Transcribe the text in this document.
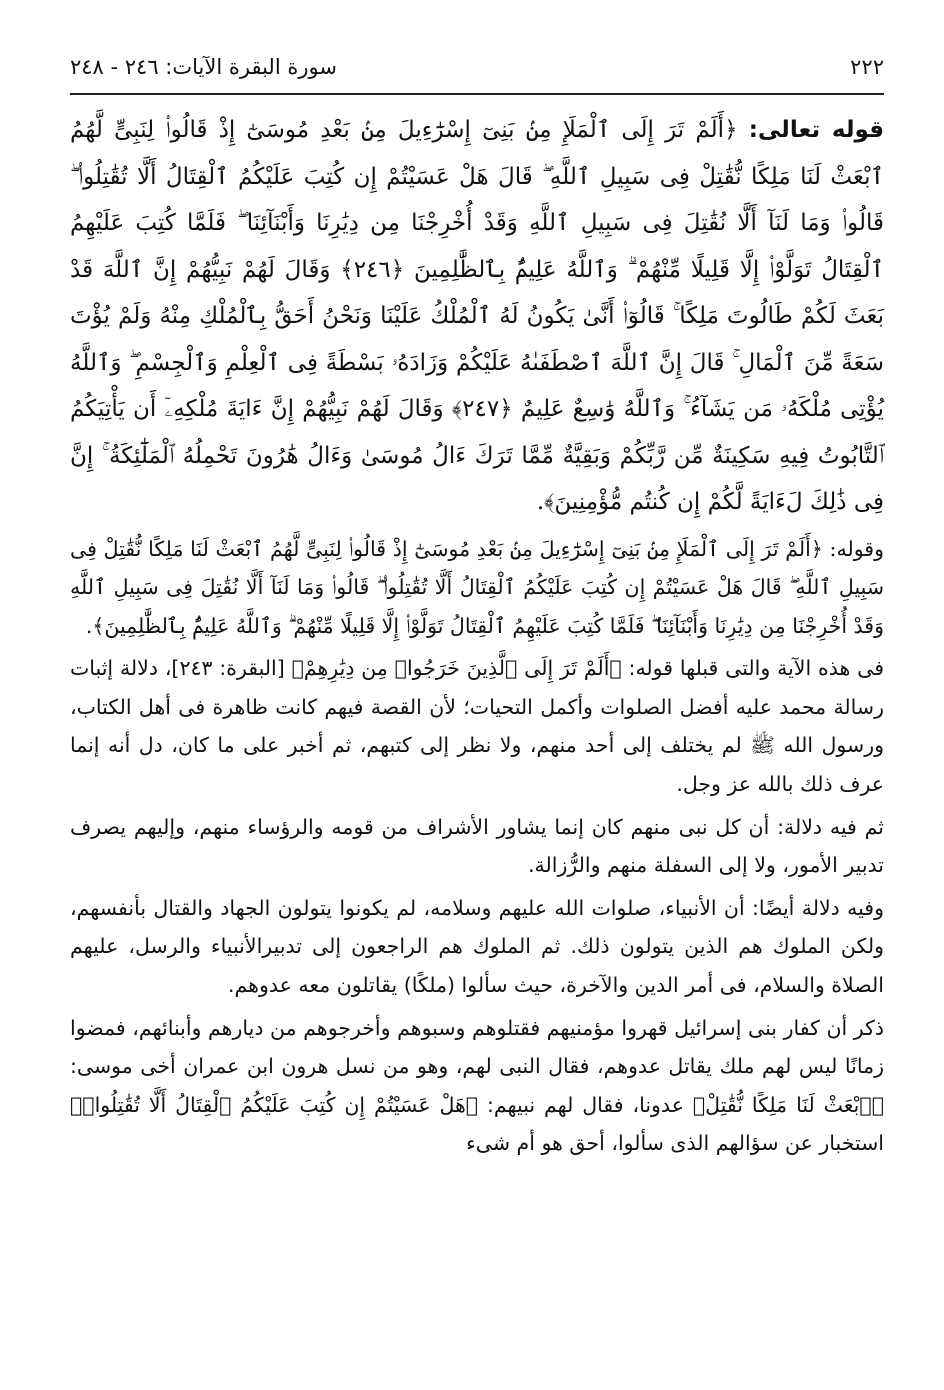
٢٢٢
سورة البقرة الآيات: ٢٤٦ - ٢٤٨
قوله تعالى: ﴿أَلَمْ تَرَ إِلَى ٱلْمَلَإِ مِنۢ بَنِىٓ إِسْرَٰٓءِيلَ مِنۢ بَعْدِ مُوسَىٰٓ إِذْ قَالُوا۟ لِنَبِىٍّ لَّهُمُ ٱبْعَثْ لَنَا مَلِكًا نُّقَٰتِلْ فِى سَبِيلِ ٱللَّهِ ۖ قَالَ هَلْ عَسَيْتُمْ إِن كُتِبَ عَلَيْكُمُ ٱلْقِتَالُ أَلَّا تُقَٰتِلُوا۟ ۖ قَالُوا۟ وَمَا لَنَآ أَلَّا نُقَٰتِلَ فِى سَبِيلِ ٱللَّهِ وَقَدْ أُخْرِجْنَا مِن دِيَٰرِنَا وَأَبْنَآئِنَا ۖ فَلَمَّا كُتِبَ عَلَيْهِمُ ٱلْقِتَالُ تَوَلَّوْا۟ إِلَّا قَلِيلًا مِّنْهُمْ ۗ وَٱللَّهُ عَلِيمٌۢ بِٱلظَّٰلِمِينَ ﴿٢٤٦﴾ وَقَالَ لَهُمْ نَبِيُّهُمْ إِنَّ ٱللَّهَ قَدْ بَعَثَ لَكُمْ طَالُوتَ مَلِكًا ۚ قَالُوٓا۟ أَنَّىٰ يَكُونُ لَهُ ٱلْمُلْكُ عَلَيْنَا وَنَحْنُ أَحَقُّ بِٱلْمُلْكِ مِنْهُ وَلَمْ يُؤْتَ سَعَةً مِّنَ ٱلْمَالِ ۚ قَالَ إِنَّ ٱللَّهَ ٱصْطَفَىٰهُ عَلَيْكُمْ وَزَادَهُۥ بَسْطَةً فِى ٱلْعِلْمِ وَٱلْجِسْمِ ۖ وَٱللَّهُ يُؤْتِى مُلْكَهُۥ مَن يَشَآءُ ۚ وَٱللَّهُ وَٰسِعٌ عَلِيمٌ ﴿٢٤٧﴾ وَقَالَ لَهُمْ نَبِيُّهُمْ إِنَّ ءَايَةَ مُلْكِهِۦٓ أَن يَأْتِيَكُمُ ٱلتَّابُوتُ فِيهِ سَكِينَةٌ مِّن رَّبِّكُمْ وَبَقِيَّةٌ مِّمَّا تَرَكَ ءَالُ مُوسَىٰ وَءَالُ هَٰرُونَ تَحْمِلُهُ ٱلْمَلَٰٓئِكَةُ ۚ إِنَّ فِى ذَٰلِكَ لَءَايَةً لَّكُمْ إِن كُنتُم مُّؤْمِنِينَ﴾.
وقوله: ﴿أَلَمْ تَرَ إِلَى ٱلْمَلَإِ مِنۢ بَنِىٓ إِسْرَٰٓءِيلَ مِنۢ بَعْدِ مُوسَىٰٓ إِذْ قَالُوا۟ لِنَبِىٍّ لَّهُمُ ٱبْعَثْ لَنَا مَلِكًا نُّقَٰتِلْ فِى سَبِيلِ ٱللَّهِ ۖ قَالَ هَلْ عَسَيْتُمْ إِن كُتِبَ عَلَيْكُمُ ٱلْقِتَالُ أَلَّا تُقَٰتِلُوا۟ ۖ قَالُوا۟ وَمَا لَنَآ أَلَّا نُقَٰتِلَ فِى سَبِيلِ ٱللَّهِ وَقَدْ أُخْرِجْنَا مِن دِيَٰرِنَا وَأَبْنَآئِنَا ۖ فَلَمَّا كُتِبَ عَلَيْهِمُ ٱلْقِتَالُ تَوَلَّوْا۟ إِلَّا قَلِيلًا مِّنْهُمْ ۗ وَٱللَّهُ عَلِيمٌۢ بِٱلظَّٰلِمِينَ﴾.
فى هذه الآية والتى قبلها قوله: ﴿أَلَمْ تَرَ إِلَى ٱلَّذِينَ خَرَجُوا۟ مِن دِيَٰرِهِمْ﴾ [البقرة: ٢٤٣]، دلالة إثبات رسالة محمد عليه أفضل الصلوات وأكمل التحيات؛ لأن القصة فيهم كانت ظاهرة فى أهل الكتاب، ورسول الله ﷺ لم يختلف إلى أحد منهم، ولا نظر إلى كتبهم، ثم أخبر على ما كان، دل أنه إنما عرف ذلك بالله عز وجل.
ثم فيه دلالة: أن كل نبى منهم كان إنما يشاور الأشراف من قومه والرؤساء منهم، وإليهم يصرف تدبير الأمور، ولا إلى السفلة منهم والرُّزالة.
وفيه دلالة أيضًا: أن الأنبياء، صلوات الله عليهم وسلامه، لم يكونوا يتولون الجهاد والقتال بأنفسهم، ولكن الملوك هم الذين يتولون ذلك. ثم الملوك هم الراجعون إلى تدبيرالأنبياء والرسل، عليهم الصلاة والسلام، فى أمر الدين والآخرة، حيث سألوا (ملكًا) يقاتلون معه عدوهم.
ذكر أن كفار بنى إسرائيل قهروا مؤمنيهم فقتلوهم وسبوهم وأخرجوهم من ديارهم وأبنائهم، فمضوا زمانًا ليس لهم ملك يقاتل عدوهم، فقال النبى لهم، وهو من نسل هرون ابن عمران أخى موسى: ﴿ٱبْعَثْ لَنَا مَلِكًا نُّقَٰتِلْ﴾ عدونا، فقال لهم نبيهم: ﴿هَلْ عَسَيْتُمْ إِن كُتِبَ عَلَيْكُمُ ٱلْقِتَالُ أَلَّا تُقَٰتِلُوا۟﴾ استخبار عن سؤالهم الذى سألوا، أحق هو أم شىء
